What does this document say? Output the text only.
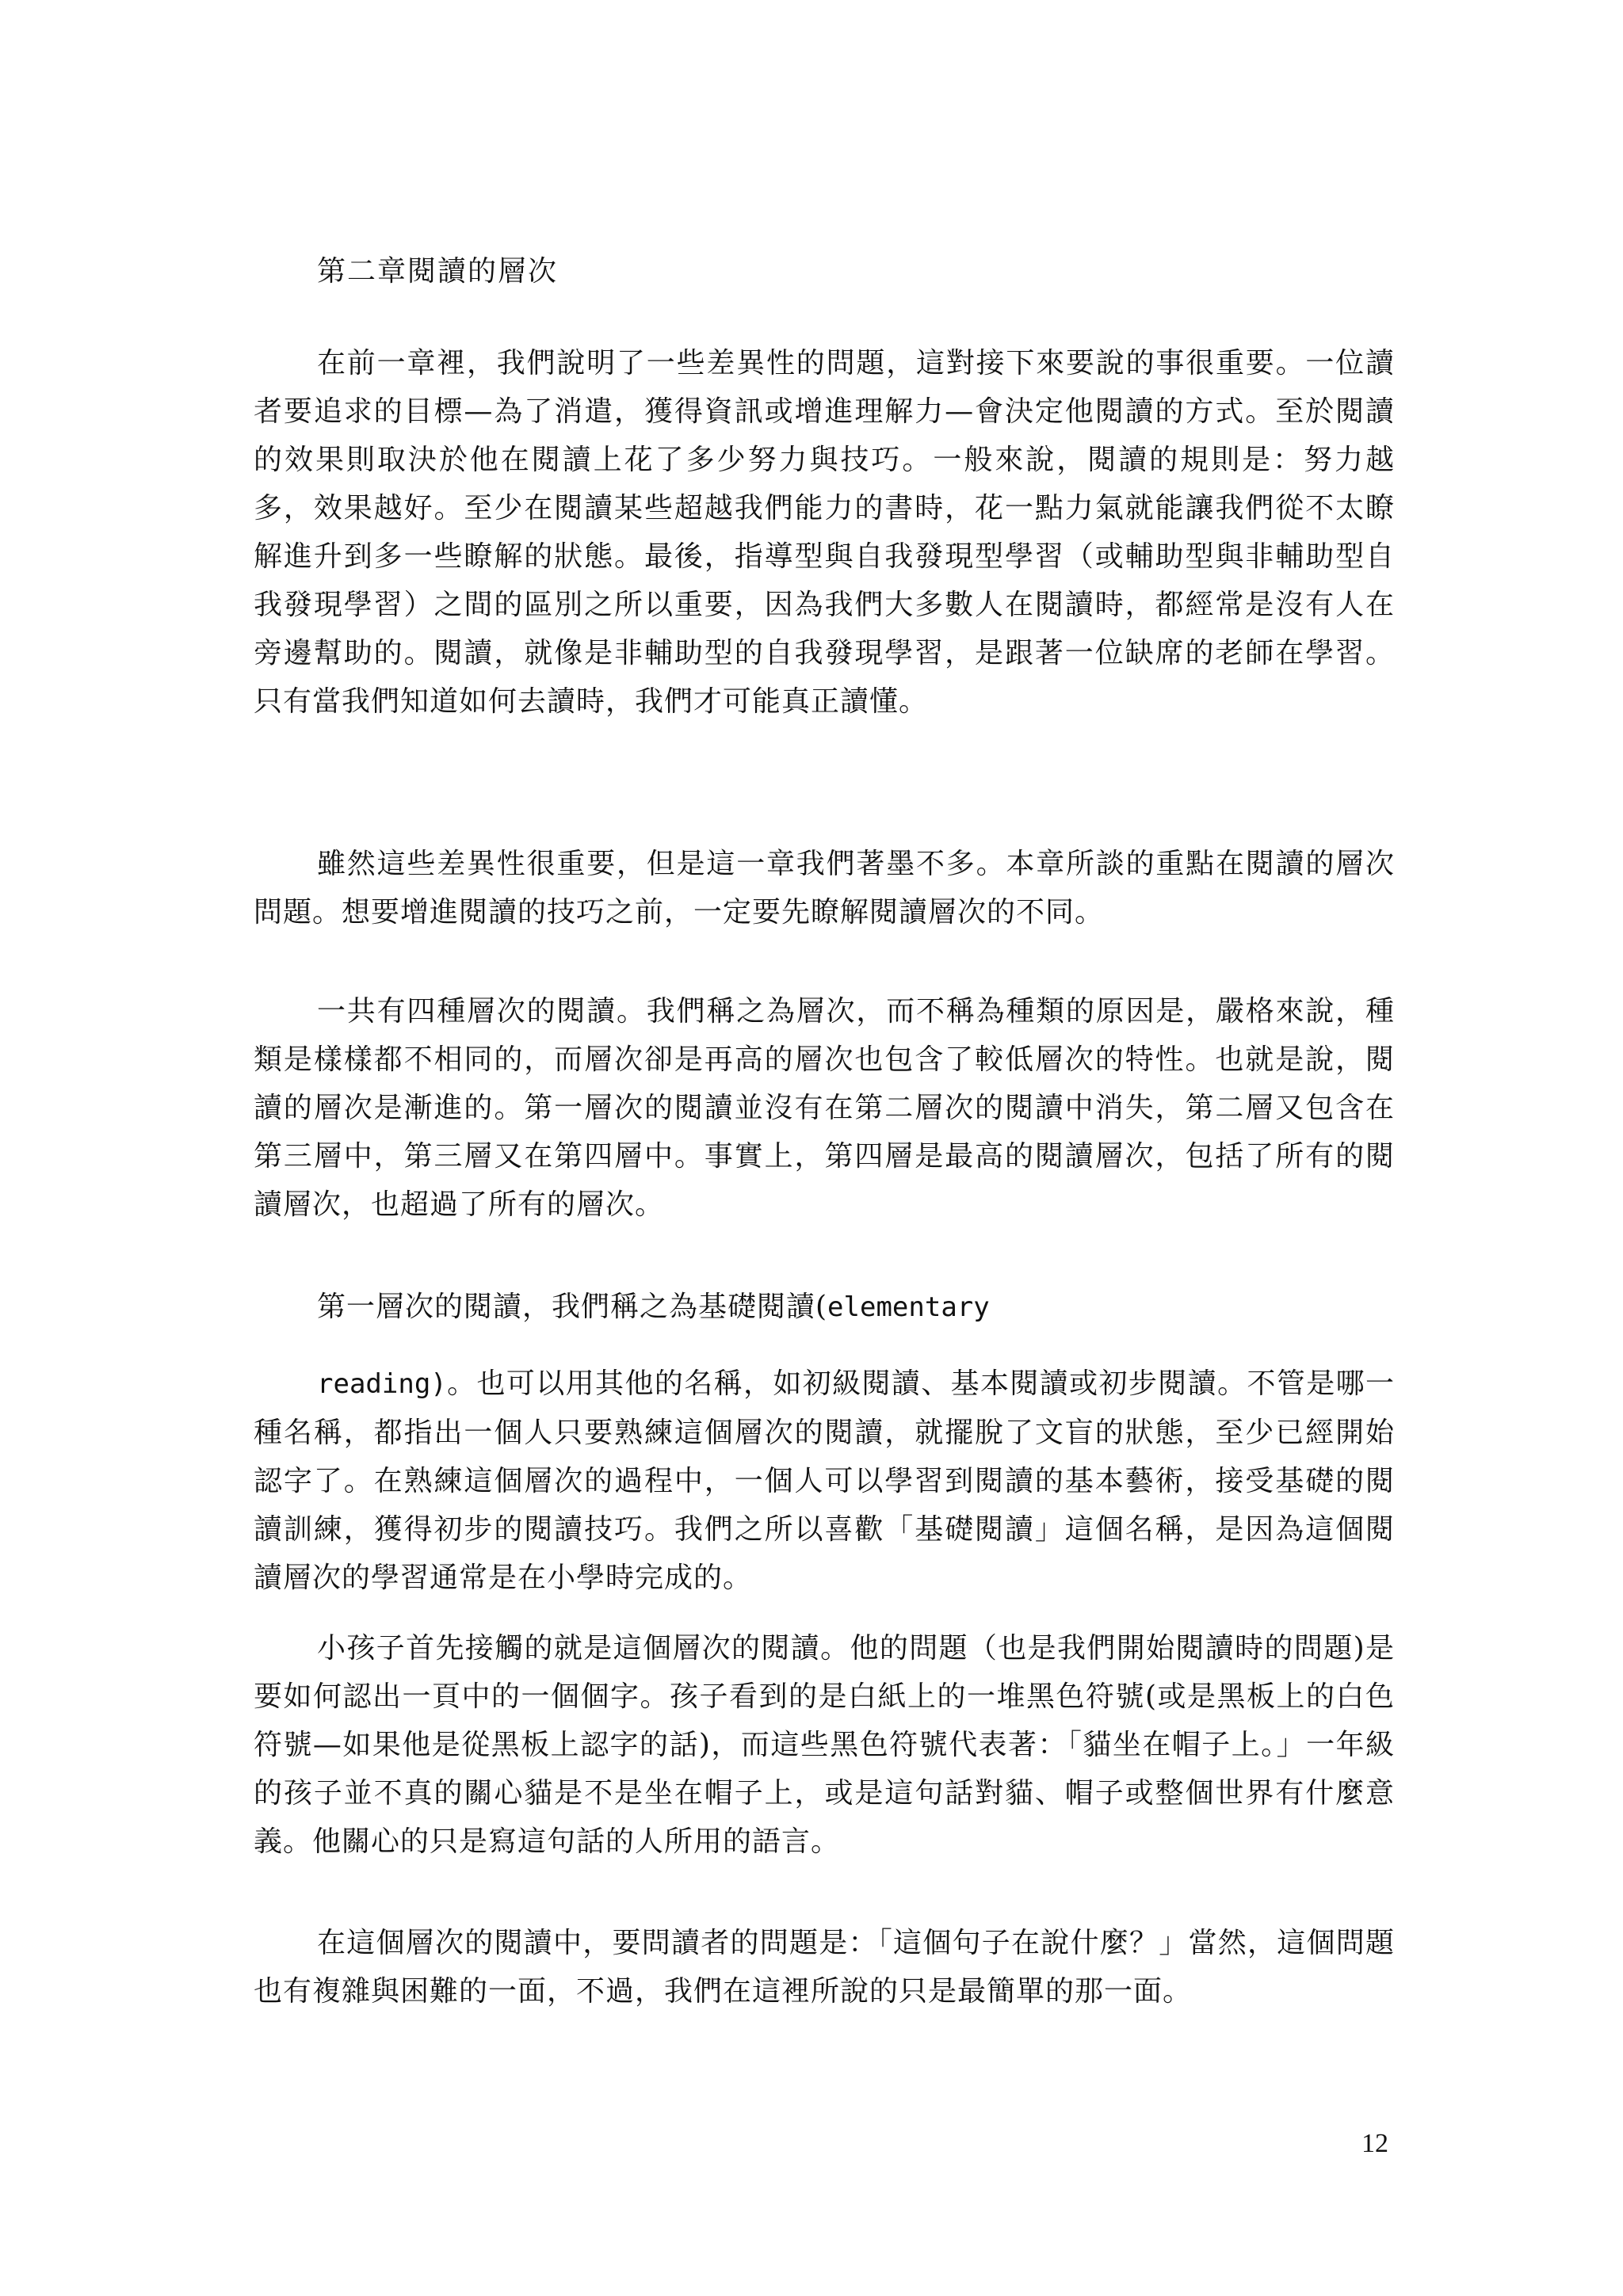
第二章閱讀的層次

在前一章裡，我們說明了一些差異性的問題，這對接下來要說的事很重要。一位讀者要追求的目標—為了消遣，獲得資訊或增進理解力—會決定他閱讀的方式。至於閱讀的效果則取決於他在閱讀上花了多少努力與技巧。一般來說，閱讀的規則是：努力越多，效果越好。至少在閱讀某些超越我們能力的書時，花一點力氣就能讓我們從不太瞭解進升到多一些瞭解的狀態。最後，指導型與自我發現型學習（或輔助型與非輔助型自我發現學習）之間的區別之所以重要，因為我們大多數人在閱讀時，都經常是沒有人在旁邊幫助的。閱讀，就像是非輔助型的自我發現學習，是跟著一位缺席的老師在學習。只有當我們知道如何去讀時，我們才可能真正讀懂。

雖然這些差異性很重要，但是這一章我們著墨不多。本章所談的重點在閱讀的層次問題。想要增進閱讀的技巧之前，一定要先瞭解閱讀層次的不同。

一共有四種層次的閱讀。我們稱之為層次，而不稱為種類的原因是，嚴格來說，種類是樣樣都不相同的，而層次卻是再高的層次也包含了較低層次的特性。也就是說，閱讀的層次是漸進的。第一層次的閱讀並沒有在第二層次的閱讀中消失，第二層又包含在第三層中，第三層又在第四層中。事實上，第四層是最高的閱讀層次，包括了所有的閱讀層次，也超過了所有的層次。

第一層次的閱讀，我們稱之為基礎閱讀(elementary

reading)。也可以用其他的名稱，如初級閱讀、基本閱讀或初步閱讀。不管是哪一種名稱，都指出一個人只要熟練這個層次的閱讀，就擺脫了文盲的狀態，至少已經開始認字了。在熟練這個層次的過程中，一個人可以學習到閱讀的基本藝術，接受基礎的閱讀訓練，獲得初步的閱讀技巧。我們之所以喜歡「基礎閱讀」這個名稱，是因為這個閱讀層次的學習通常是在小學時完成的。

小孩子首先接觸的就是這個層次的閱讀。他的問題（也是我們開始閱讀時的問題)是要如何認出一頁中的一個個字。孩子看到的是白紙上的一堆黑色符號(或是黑板上的白色符號—如果他是從黑板上認字的話)，而這些黑色符號代表著：「貓坐在帽子上。」一年級的孩子並不真的關心貓是不是坐在帽子上，或是這句話對貓、帽子或整個世界有什麼意義。他關心的只是寫這句話的人所用的語言。

在這個層次的閱讀中，要問讀者的問題是：「這個句子在說什麼？」當然，這個問題也有複雜與困難的一面，不過，我們在這裡所說的只是最簡單的那一面。

12
